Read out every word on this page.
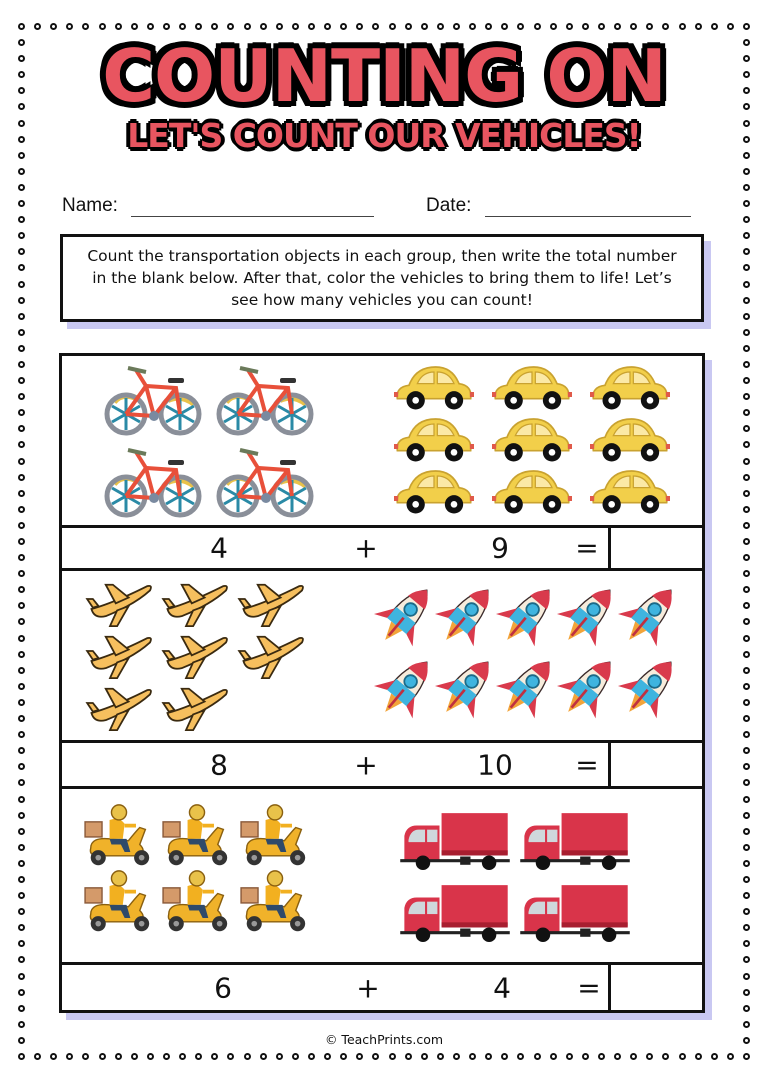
COUNTING ON
LET'S COUNT OUR VEHICLES!
Name:	Date:
Count the transportation objects in each group, then write the total number in the blank below. After that, color the vehicles to bring them to life! Let’s see how many vehicles you can count!
4	+	9 =
8	+	10 =
6	+	4 =
© TeachPrints.com
